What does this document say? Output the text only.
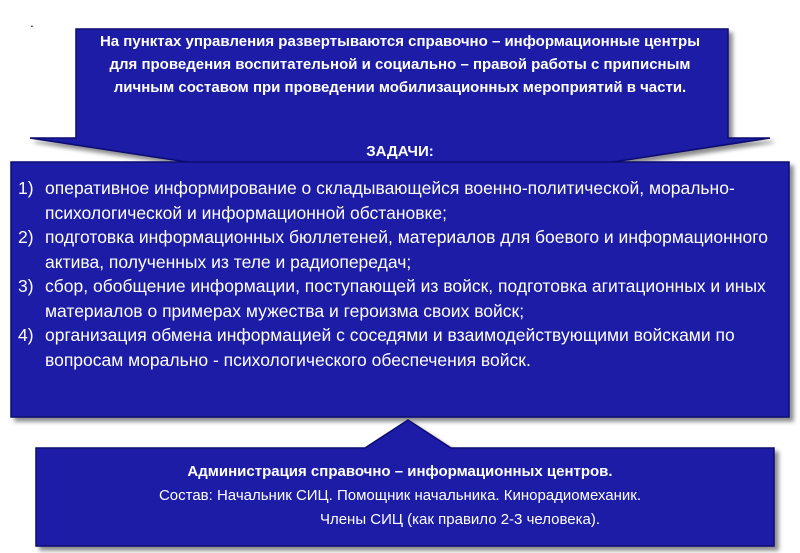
.
На пунктах управления развертываются справочно – информационные центры для проведения воспитательной и социально – правой работы с приписным личным составом при проведении мобилизационных мероприятий в части.
ЗАДАЧИ:
1) оперативное информирование о складывающейся военно-политической, морально-психологической и информационной обстановке;
2) подготовка информационных бюллетеней, материалов для боевого и информационного актива, полученных из теле и радиопередач;
3) сбор, обобщение информации, поступающей из войск, подготовка агитационных и иных материалов о примерах мужества и героизма своих войск;
4) организация обмена информацией с соседями и взаимодействующими войсками по вопросам морально - психологического обеспечения войск.
Администрация справочно – информационных центров.
Состав: Начальник СИЦ. Помощник начальника. Кинорадиомеханик.
Члены СИЦ (как правило 2-3 человека).
